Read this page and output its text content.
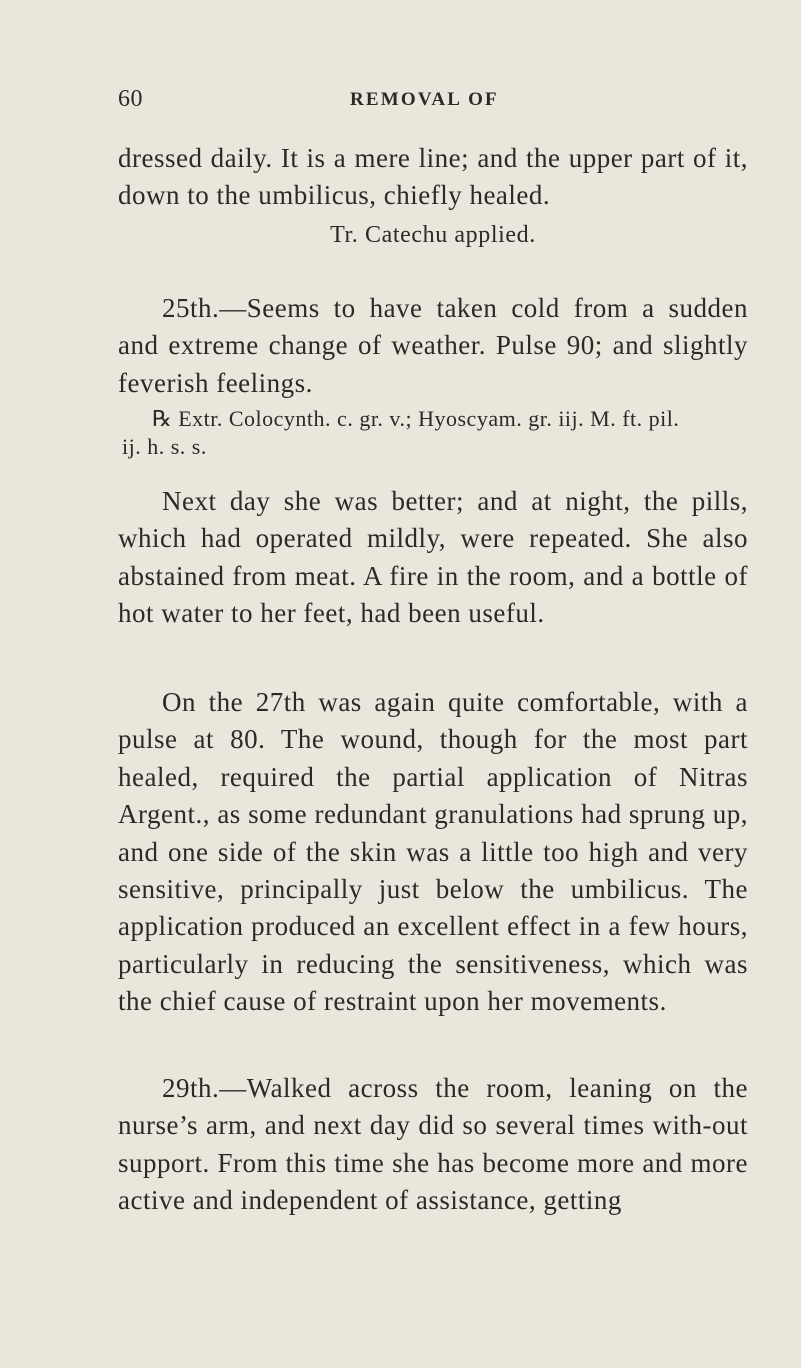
60	REMOVAL OF

dressed daily. It is a mere line; and the upper part of it, down to the umbilicus, chiefly healed.

Tr. Catechu applied.

25th.—Seems to have taken cold from a sudden and extreme change of weather. Pulse 90; and slightly feverish feelings.

℞ Extr. Colocynth. c. gr. v.; Hyoscyam. gr. iij. M. ft. pil.
ij. h. s. s.

Next day she was better; and at night, the pills, which had operated mildly, were repeated. She also abstained from meat. A fire in the room, and a bottle of hot water to her feet, had been useful.

On the 27th was again quite comfortable, with a pulse at 80. The wound, though for the most part healed, required the partial application of Nitras Argent., as some redundant granulations had sprung up, and one side of the skin was a little too high and very sensitive, principally just below the umbilicus. The application produced an excellent effect in a few hours, particularly in reducing the sensitiveness, which was the chief cause of restraint upon her movements.

29th.—Walked across the room, leaning on the nurse’s arm, and next day did so several times with-out support. From this time she has become more and more active and independent of assistance, getting
